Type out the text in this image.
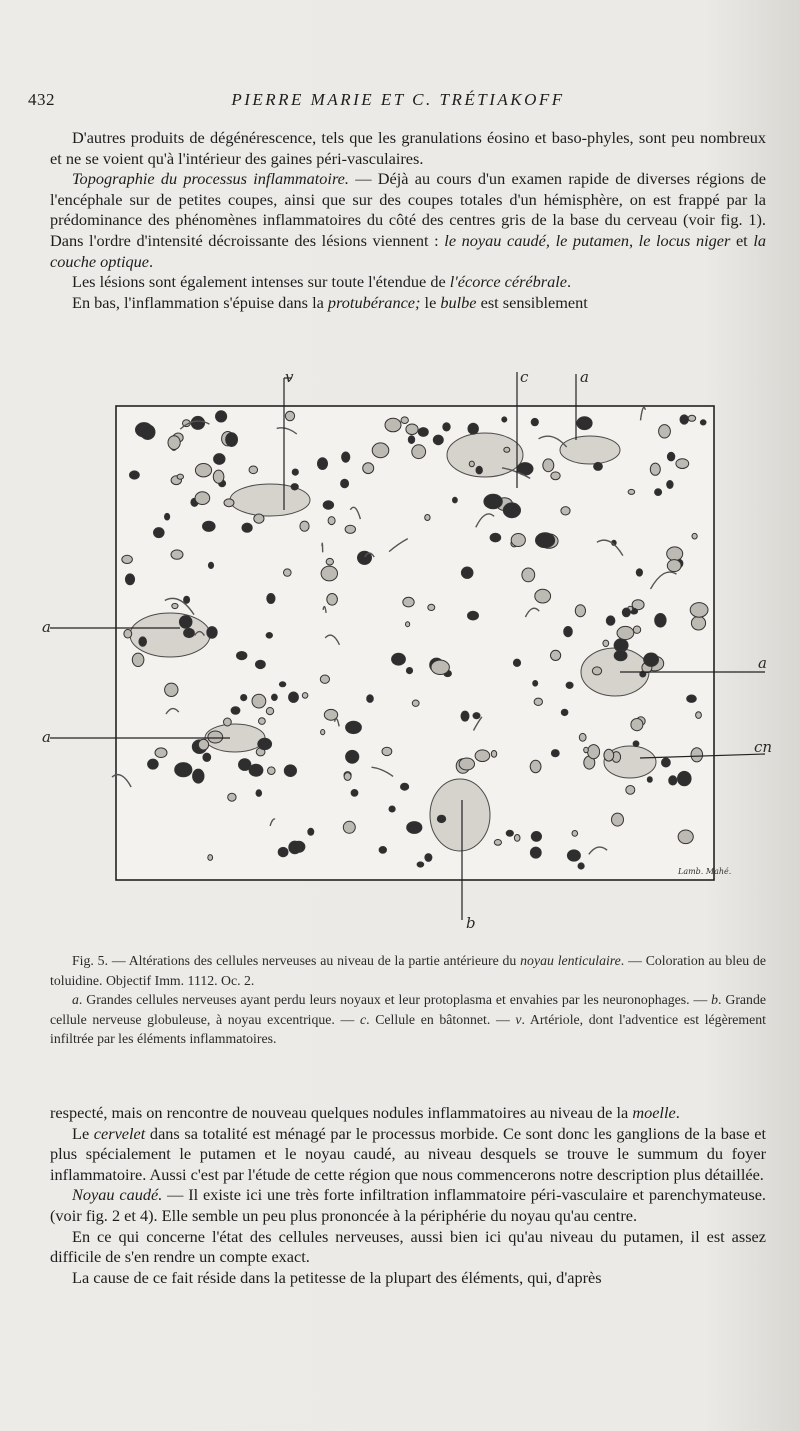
432	PIERRE MARIE ET C. TRÉTIAKOFF

D'autres produits de dégénérescence, tels que les granulations éosino et baso-phyles, sont peu nombreux et ne se voient qu'à l'intérieur des gaines péri-vasculaires.

Topographie du processus inflammatoire. — Déjà au cours d'un examen rapide de diverses régions de l'encéphale sur de petites coupes, ainsi que sur des coupes totales d'un hémisphère, on est frappé par la prédominance des phénomènes inflammatoires du côté des centres gris de la base du cerveau (voir fig. 1). Dans l'ordre d'intensité décroissante des lésions viennent : le noyau caudé, le putamen, le locus niger et la couche optique.

Les lésions sont également intenses sur toute l'étendue de l'écorce cérébrale.

En bas, l'inflammation s'épuise dans la protubérance; le bulbe est sensiblement

v	c	a
a
a
a
cn
b
Lamb. Mahé.

Fig. 5. — Altérations des cellules nerveuses au niveau de la partie antérieure du noyau lenticulaire. — Coloration au bleu de toluidine. Objectif Imm. 1112. Oc. 2.

a. Grandes cellules nerveuses ayant perdu leurs noyaux et leur protoplasma et envahies par les neuronophages. — b. Grande cellule nerveuse globuleuse, à noyau excentrique. — c. Cellule en bâtonnet. — v. Artériole, dont l'adventice est légèrement infiltrée par les éléments inflammatoires.

respecté, mais on rencontre de nouveau quelques nodules inflammatoires au niveau de la moelle.

Le cervelet dans sa totalité est ménagé par le processus morbide. Ce sont donc les ganglions de la base et plus spécialement le putamen et le noyau caudé, au niveau desquels se trouve le summum du foyer inflammatoire. Aussi c'est par l'étude de cette région que nous commencerons notre description plus détaillée.

Noyau caudé. — Il existe ici une très forte infiltration inflammatoire péri-vasculaire et parenchymateuse. (voir fig. 2 et 4). Elle semble un peu plus prononcée à la périphérie du noyau qu'au centre.

En ce qui concerne l'état des cellules nerveuses, aussi bien ici qu'au niveau du putamen, il est assez difficile de s'en rendre un compte exact.

La cause de ce fait réside dans la petitesse de la plupart des éléments, qui, d'après
